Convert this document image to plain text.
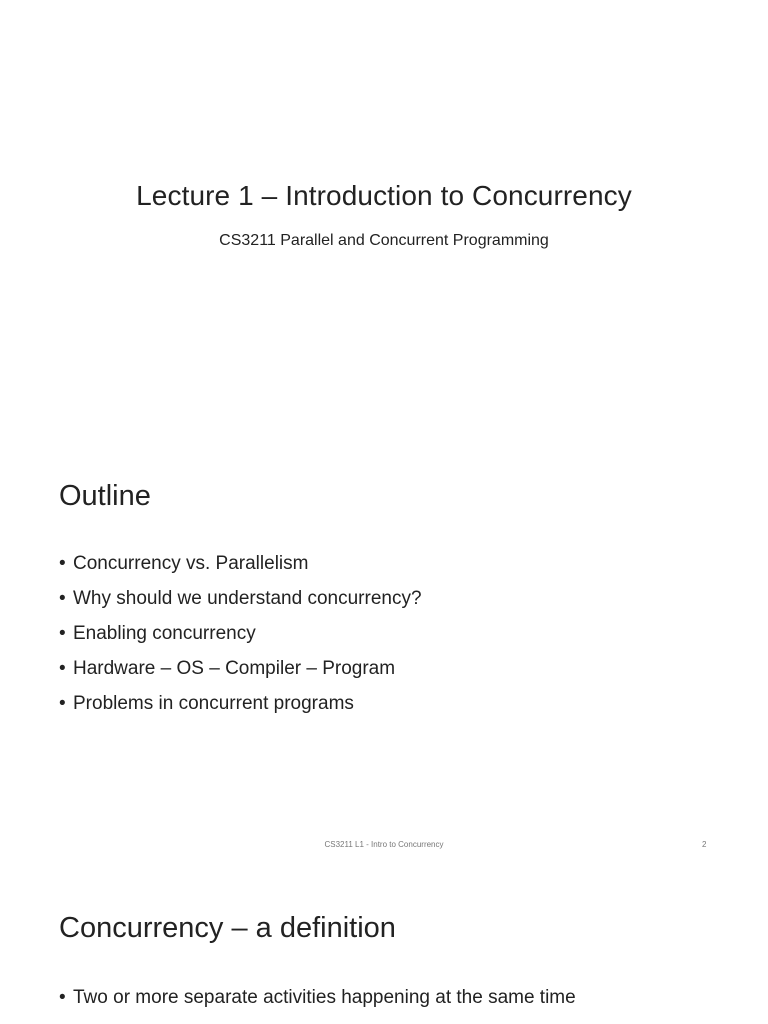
Lecture 1 – Introduction to Concurrency
CS3211 Parallel and Concurrent Programming
Outline
• Concurrency vs. Parallelism
• Why should we understand concurrency?
• Enabling concurrency
• Hardware – OS – Compiler – Program
• Problems in concurrent programs
CS3211 L1 - Intro to Concurrency	2
Concurrency – a definition
• Two or more separate activities happening at the same time
